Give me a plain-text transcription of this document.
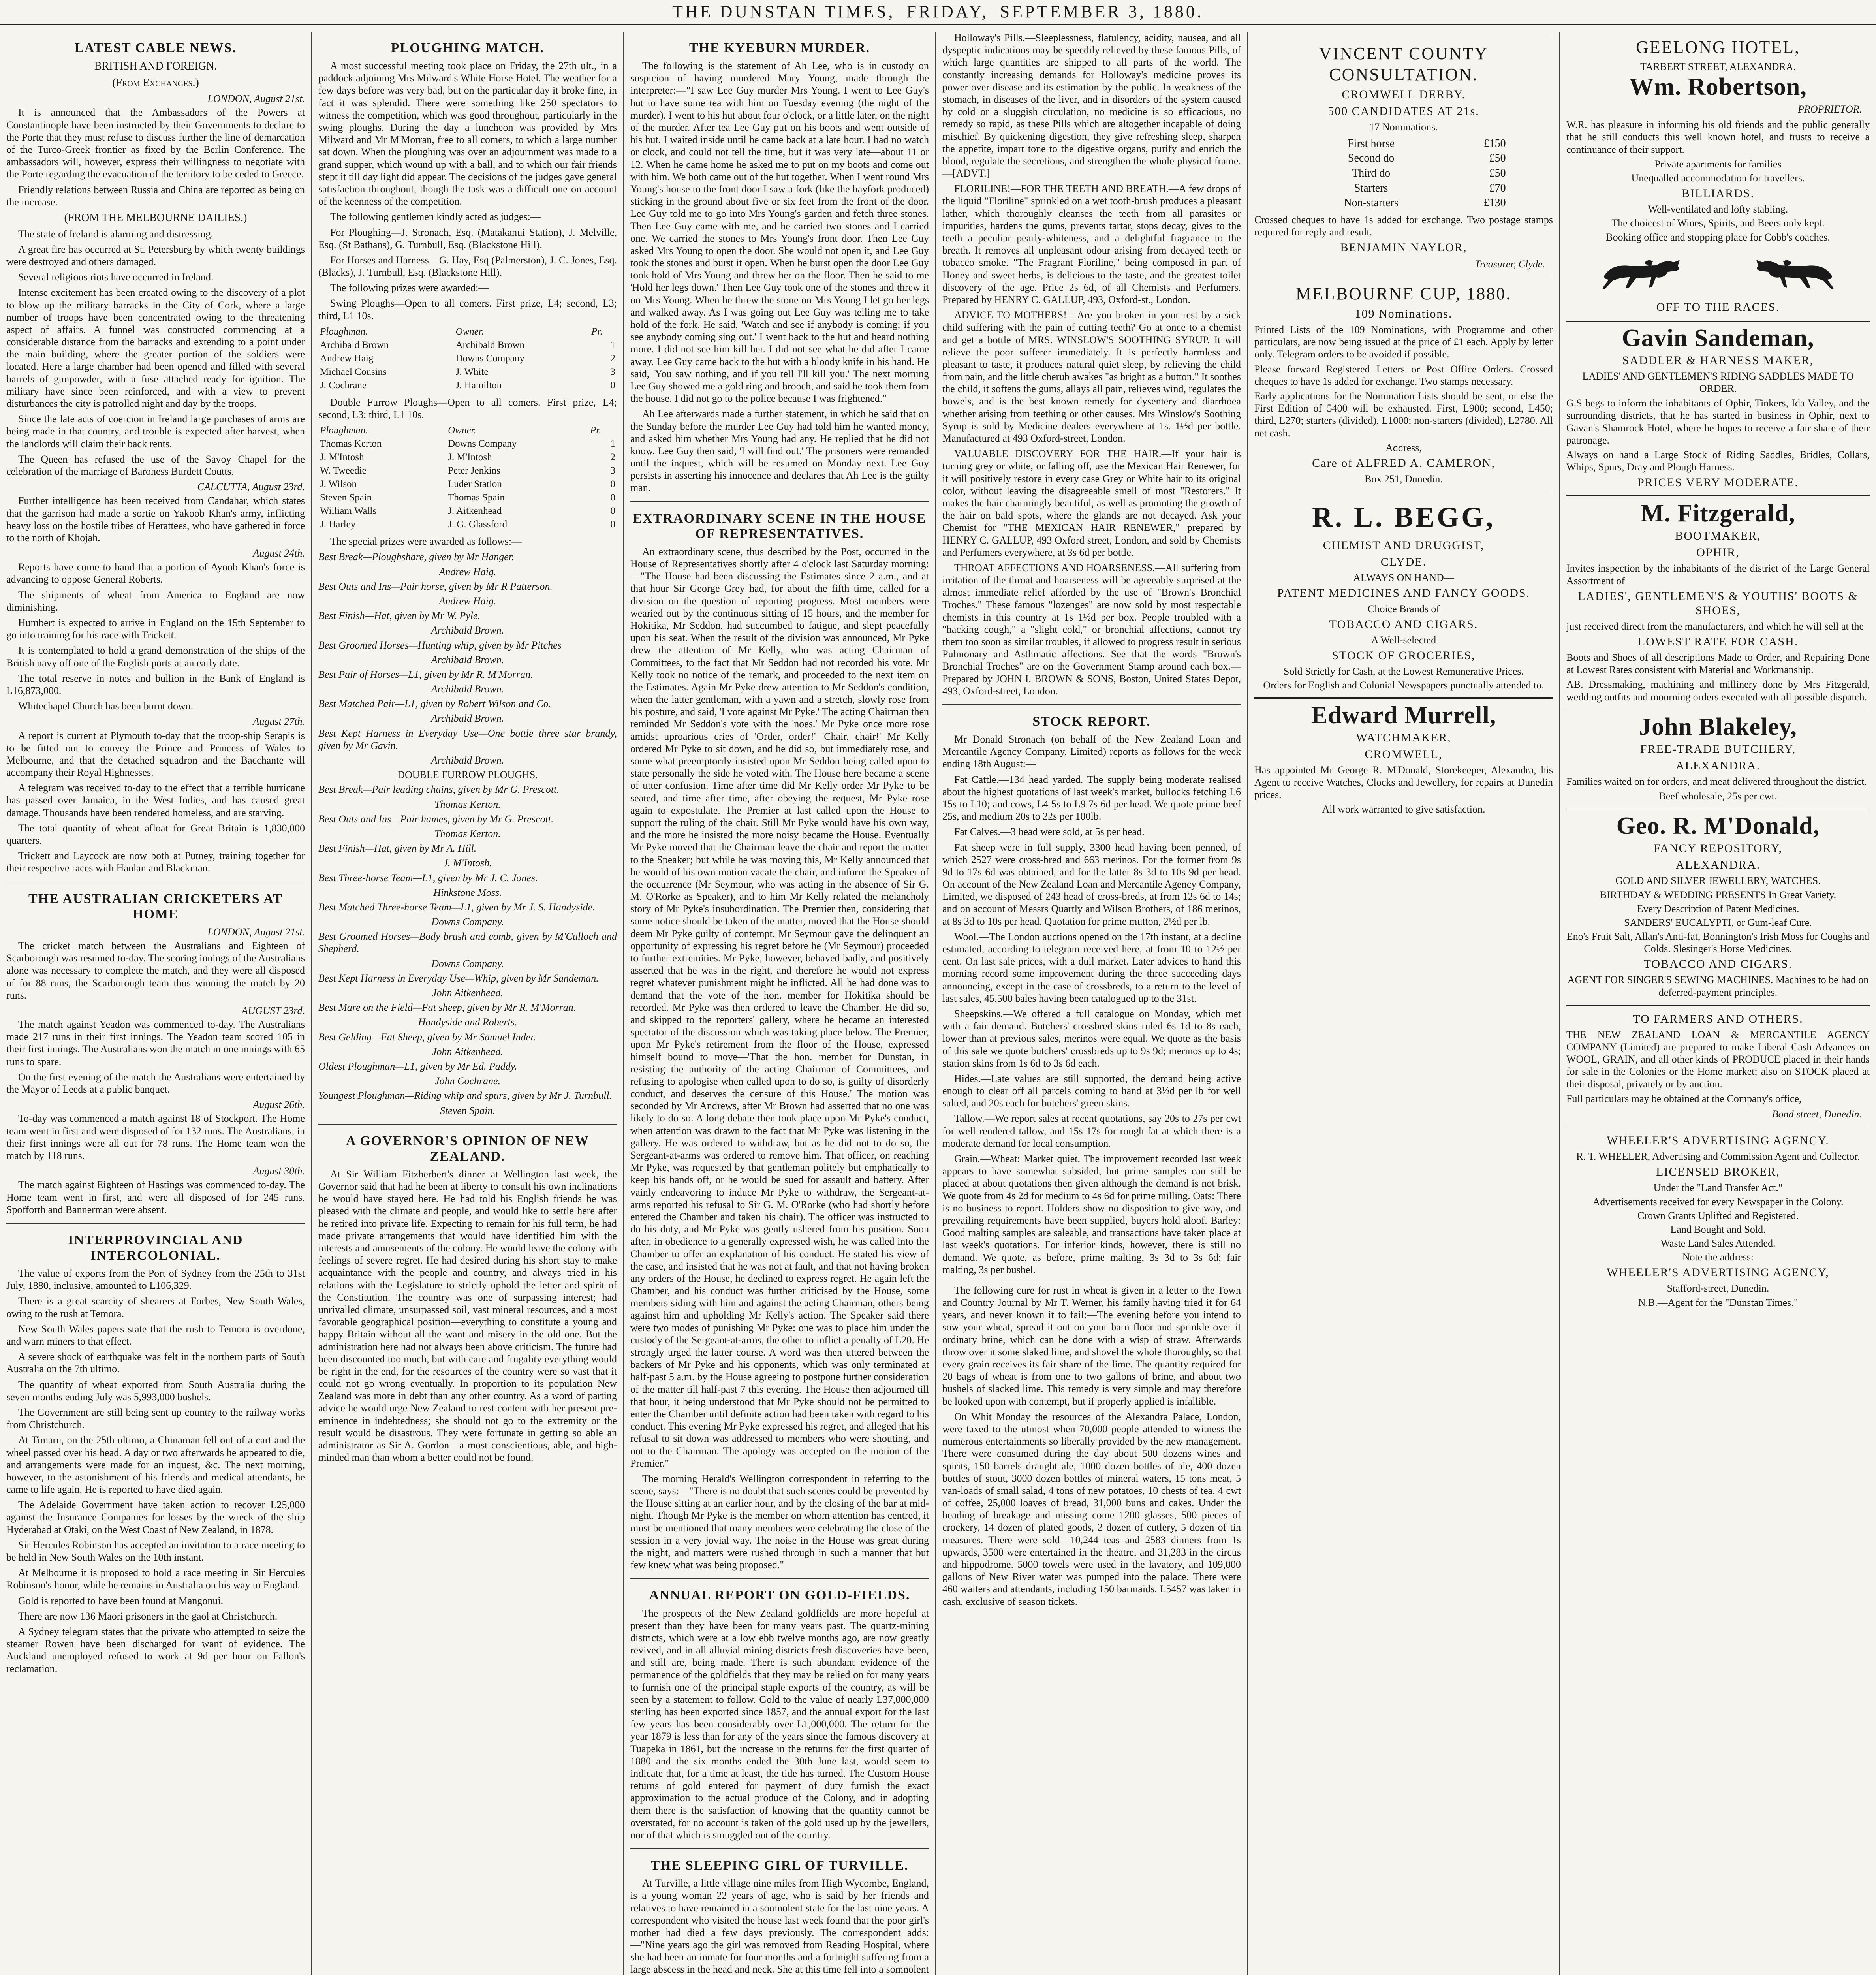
THE DUNSTAN TIMES, FRIDAY, SEPTEMBER 3, 1880.
LATEST CABLE NEWS.
BRITISH AND FOREIGN.
(From Exchanges.)
LONDON, August 21st.

It is announced that the Ambassadors of the Powers at Constantinople have been instructed by their Governments to declare to the Porte that they must refuse to discuss further the line of demarcation of the Turco-Greek frontier as fixed by the Berlin Conference. The ambassadors will, however, express their willingness to negotiate with the Porte regarding the evacuation of the territory to be ceded to Greece.

Friendly relations between Russia and China are reported as being on the increase.

(FROM THE MELBOURNE DAILIES.)

The state of Ireland is alarming and distressing.

A great fire has occurred at St. Petersburg by which twenty buildings were destroyed and others damaged.

Several religious riots have occurred in Ireland.

Intense excitement has been created owing to the discovery of a plot to blow up the military barracks in the City of Cork, where a large number of troops have been concentrated owing to the threatening aspect of affairs. A funnel was constructed commencing at a considerable distance from the barracks and extending to a point under the main building, where the greater portion of the soldiers were located. Here a large chamber had been opened and filled with several barrels of gunpowder, with a fuse attached ready for ignition. The military have since been reinforced, and with a view to prevent disturbances the city is patrolled night and day by the troops.

Since the late acts of coercion in Ireland large purchases of arms are being made in that country, and trouble is expected after harvest, when the landlords will claim their back rents.

The Queen has refused the use of the Savoy Chapel for the celebration of the marriage of Baroness Burdett Coutts.

CALCUTTA, August 23rd.

Further intelligence has been received from Candahar, which states that the garrison had made a sortie on Yakoob Khan's army, inflicting heavy loss on the hostile tribes of Herattees, who have gathered in force to the north of Khojah.

August 24th.

Reports have come to hand that a portion of Ayoob Khan's force is advancing to oppose General Roberts.

The shipments of wheat from America to England are now diminishing.

Humbert is expected to arrive in England on the 15th September to go into training for his race with Trickett.

It is contemplated to hold a grand demonstration of the ships of the British navy off one of the English ports at an early date.

The total reserve in notes and bullion in the Bank of England is L16,873,000.

Whitechapel Church has been burnt down.

August 27th.

A report is current at Plymouth to-day that the troop-ship Serapis is to be fitted out to convey the Prince and Princess of Wales to Melbourne, and that the detached squadron and the Bacchante will accompany their Royal Highnesses.

A telegram was received to-day to the effect that a terrible hurricane has passed over Jamaica, in the West Indies, and has caused great damage. Thousands have been rendered homeless, and are starving.

The total quantity of wheat afloat for Great Britain is 1,830,000 quarters.

Trickett and Laycock are now both at Putney, training together for their respective races with Hanlan and Blackman.

THE AUSTRALIAN CRICKETERS AT HOME
LONDON, August 21st.

The cricket match between the Australians and Eighteen of Scarborough was resumed to-day. The scoring innings of the Australians alone was necessary to complete the match, and they were all disposed of for 88 runs, the Scarborough team thus winning the match by 20 runs.

AUGUST 23rd.

The match against Yeadon was commenced to-day. The Australians made 217 runs in their first innings. The Yeadon team scored 105 in their first innings. The Australians won the match in one innings with 65 runs to spare.

On the first evening of the match the Australians were entertained by the Mayor of Leeds at a public banquet.

August 26th.

To-day was commenced a match against 18 of Stockport. The Home team went in first and were disposed of for 132 runs. The Australians, in their first innings were all out for 78 runs. The Home team won the match by 118 runs.

August 30th.

The match against Eighteen of Hastings was commenced to-day. The Home team went in first, and were all disposed of for 245 runs. Spofforth and Bannerman were absent.

INTERPROVINCIAL AND INTERCOLONIAL.

The value of exports from the Port of Sydney from the 25th to 31st July, 1880, inclusive, amounted to L106,329.

There is a great scarcity of shearers at Forbes, New South Wales, owing to the rush at Temora.

New South Wales papers state that the rush to Temora is overdone, and warn miners to that effect.

A severe shock of earthquake was felt in the northern parts of South Australia on the 7th ultimo.

The quantity of wheat exported from South Australia during the seven months ending July was 5,993,000 bushels.

The Government are still being sent up country to the railway works from Christchurch.

At Timaru, on the 25th ultimo, a Chinaman fell out of a cart and the wheel passed over his head. A day or two afterwards he appeared to die, and arrangements were made for an inquest, &c. The next morning, however, to the astonishment of his friends and medical attendants, he came to life again. He is reported to have died again.

The Adelaide Government have taken action to recover L25,000 against the Insurance Companies for losses by the wreck of the ship Hyderabad at Otaki, on the West Coast of New Zealand, in 1878.

Sir Hercules Robinson has accepted an invitation to a race meeting to be held in New South Wales on the 10th instant.

At Melbourne it is proposed to hold a race meeting in Sir Hercules Robinson's honor, while he remains in Australia on his way to England.

Gold is reported to have been found at Mangonui.

There are now 136 Maori prisoners in the gaol at Christchurch.

A Sydney telegram states that the private who attempted to seize the steamer Rowen have been discharged for want of evidence. The Auckland unemployed refused to work at 9d per hour on Fallon's reclamation.

PLOUGHING MATCH.

A most successful meeting took place on Friday, the 27th ult., in a paddock adjoining Mrs Milward's White Horse Hotel. The weather for a few days before was very bad, but on the particular day it broke fine, in fact it was splendid. There were something like 250 spectators to witness the competition, which was good throughout, particularly in the swing ploughs. During the day a luncheon was provided by Mrs Milward and Mr M'Morran, free to all comers, to which a large number sat down. When the ploughing was over an adjournment was made to a grand supper, which wound up with a ball, and to which our fair friends stept it till day light did appear. The decisions of the judges gave general satisfaction throughout, though the task was a difficult one on account of the keenness of the competition.

The following gentlemen kindly acted as judges:—

For Ploughing—J. Stronach, Esq. (Matakanui Station), J. Melville, Esq. (St Bathans), G. Turnbull, Esq. (Blackstone Hill).

For Horses and Harness—G. Hay, Esq (Palmerston), J. C. Jones, Esq. (Blacks), J. Turnbull, Esq. (Blackstone Hill).

The following prizes were awarded:—

Swing Ploughs—Open to all comers. First prize, L4; second, L3; third, L1 10s.

Ploughman.	Owner.	Pr.
Archibald Brown	Archibald Brown	1
Andrew Haig	Downs Company	2
Michael Cousins	J. White	3
J. Cochrane	J. Hamilton	0

Double Furrow Ploughs—Open to all comers. First prize, L4; second, L3; third, L1 10s.

Ploughman.	Owner.	Pr.
Thomas Kerton	Downs Company	1
J. M'Intosh	J. M'Intosh	2
W. Tweedie	Peter Jenkins	3
J. Wilson	Luder Station	0
Steven Spain	Thomas Spain	0
William Walls	J. Aitkenhead	0
J. Harley	J. G. Glassford	0

The special prizes were awarded as follows:—

Best Break—Ploughshare, given by Mr Hanger.

Andrew Haig.

Best Outs and Ins—Pair horse, given by Mr R Patterson.

Andrew Haig.

Best Finish—Hat, given by Mr W. Pyle.

Archibald Brown.

Best Groomed Horses—Hunting whip, given by Mr Pitches

Archibald Brown.

Best Pair of Horses—L1, given by Mr R. M'Morran.

Archibald Brown.

Best Matched Pair—L1, given by Robert Wilson and Co.

Archibald Brown.

Best Kept Harness in Everyday Use—One bottle three star brandy, given by Mr Gavin.

Archibald Brown.

DOUBLE FURROW PLOUGHS.

Best Break—Pair leading chains, given by Mr G. Prescott.

Thomas Kerton.

Best Outs and Ins—Pair hames, given by Mr G. Prescott.

Thomas Kerton.

Best Finish—Hat, given by Mr A. Hill.

J. M'Intosh.

Best Three-horse Team—L1, given by Mr J. C. Jones.

Hinkstone Moss.

Best Matched Three-horse Team—L1, given by Mr J. S. Handyside.

Downs Company.

Best Groomed Horses—Body brush and comb, given by M'Culloch and Shepherd.

Downs Company.

Best Kept Harness in Everyday Use—Whip, given by Mr Sandeman.

John Aitkenhead.

Best Mare on the Field—Fat sheep, given by Mr R. M'Morran.

Handyside and Roberts.

Best Gelding—Fat Sheep, given by Mr Samuel Inder.

John Aitkenhead.

Oldest Ploughman—L1, given by Mr Ed. Paddy.

John Cochrane.

Youngest Ploughman—Riding whip and spurs, given by Mr J. Turnbull.

Steven Spain.

A GOVERNOR'S OPINION OF NEW ZEALAND.

At Sir William Fitzherbert's dinner at Wellington last week, the Governor said that had he been at liberty to consult his own inclinations he would have stayed here. He had told his English friends he was pleased with the climate and people, and would like to settle here after he retired into private life. Expecting to remain for his full term, he had made private arrangements that would have identified him with the interests and amusements of the colony. He would leave the colony with feelings of severe regret. He had desired during his short stay to make acquaintance with the people and country, and always tried in his relations with the Legislature to strictly uphold the letter and spirit of the Constitution. The country was one of surpassing interest; had unrivalled climate, unsurpassed soil, vast mineral resources, and a most favorable geographical position—everything to constitute a young and happy Britain without all the want and misery in the old one. But the administration here had not always been above criticism. The future had been discounted too much, but with care and frugality everything would be right in the end, for the resources of the country were so vast that it could not go wrong eventually. In proportion to its population New Zealand was more in debt than any other country. As a word of parting advice he would urge New Zealand to rest content with her present pre-eminence in indebtedness; she should not go to the extremity or the result would be disastrous. They were fortunate in getting so able an administrator as Sir A. Gordon—a most conscientious, able, and high-minded man than whom a better could not be found.

THE KYEBURN MURDER.

The following is the statement of Ah Lee, who is in custody on suspicion of having murdered Mary Young, made through the interpreter:—"I saw Lee Guy murder Mrs Young. I went to Lee Guy's hut to have some tea with him on Tuesday evening (the night of the murder). I went to his hut about four o'clock, or a little later, on the night of the murder. After tea Lee Guy put on his boots and went outside of his hut. I waited inside until he came back at a late hour. I had no watch or clock, and could not tell the time, but it was very late—about 11 or 12. When he came home he asked me to put on my boots and come out with him. We both came out of the hut together. When I went round Mrs Young's house to the front door I saw a fork (like the hayfork produced) sticking in the ground about five or six feet from the front of the door. Lee Guy told me to go into Mrs Young's garden and fetch three stones. Then Lee Guy came with me, and he carried two stones and I carried one. We carried the stones to Mrs Young's front door. Then Lee Guy asked Mrs Young to open the door. She would not open it, and Lee Guy took the stones and burst it open. When he burst open the door Lee Guy took hold of Mrs Young and threw her on the floor. Then he said to me 'Hold her legs down.' Then Lee Guy took one of the stones and threw it on Mrs Young. When he threw the stone on Mrs Young I let go her legs and walked away. As I was going out Lee Guy was telling me to take hold of the fork. He said, 'Watch and see if anybody is coming; if you see anybody coming sing out.' I went back to the hut and heard nothing more. I did not see him kill her. I did not see what he did after I came away. Lee Guy came back to the hut with a bloody knife in his hand. He said, 'You saw nothing, and if you tell I'll kill you.' The next morning Lee Guy showed me a gold ring and brooch, and said he took them from the house. I did not go to the police because I was frightened."

Ah Lee afterwards made a further statement, in which he said that on the Sunday before the murder Lee Guy had told him he wanted money, and asked him whether Mrs Young had any. He replied that he did not know. Lee Guy then said, 'I will find out.' The prisoners were remanded until the inquest, which will be resumed on Monday next. Lee Guy persists in asserting his innocence and declares that Ah Lee is the guilty man.

EXTRAORDINARY SCENE IN THE HOUSE OF REPRESENTATIVES.

An extraordinary scene, thus described by the Post, occurred in the House of Representatives shortly after 4 o'clock last Saturday morning:—"The House had been discussing the Estimates since 2 a.m., and at that hour Sir George Grey had, for about the fifth time, called for a division on the question of reporting progress. Most members were wearied out by the continuous sitting of 15 hours, and the member for Hokitika, Mr Seddon, had succumbed to fatigue, and slept peacefully upon his seat. When the result of the division was announced, Mr Pyke drew the attention of Mr Kelly, who was acting Chairman of Committees, to the fact that Mr Seddon had not recorded his vote. Mr Kelly took no notice of the remark, and proceeded to the next item on the Estimates. Again Mr Pyke drew attention to Mr Seddon's condition, when the latter gentleman, with a yawn and a stretch, slowly rose from his posture, and said, 'I vote against Mr Pyke.' The acting Chairman then reminded Mr Seddon's vote with the 'noes.' Mr Pyke once more rose amidst uproarious cries of 'Order, order!' 'Chair, chair!' Mr Kelly ordered Mr Pyke to sit down, and he did so, but immediately rose, and some what preemptorily insisted upon Mr Seddon being called upon to state personally the side he voted with. The House here became a scene of utter confusion. Time after time did Mr Kelly order Mr Pyke to be seated, and time after time, after obeying the request, Mr Pyke rose again to expostulate. The Premier at last called upon the House to support the ruling of the chair. Still Mr Pyke would have his own way, and the more he insisted the more noisy became the House. Eventually Mr Pyke moved that the Chairman leave the chair and report the matter to the Speaker; but while he was moving this, Mr Kelly announced that he would of his own motion vacate the chair, and inform the Speaker of the occurrence (Mr Seymour, who was acting in the absence of Sir G. M. O'Rorke as Speaker), and to him Mr Kelly related the melancholy story of Mr Pyke's insubordination. The Premier then, considering that some notice should be taken of the matter, moved that the House should deem Mr Pyke guilty of contempt. Mr Seymour gave the delinquent an opportunity of expressing his regret before he (Mr Seymour) proceeded to further extremities. Mr Pyke, however, behaved badly, and positively asserted that he was in the right, and therefore he would not express regret whatever punishment might be inflicted. All he had done was to demand that the vote of the hon. member for Hokitika should be recorded. Mr Pyke was then ordered to leave the Chamber. He did so, and skipped to the reporters' gallery, where he became an interested spectator of the discussion which was taking place below. The Premier, upon Mr Pyke's retirement from the floor of the House, expressed himself bound to move—'That the hon. member for Dunstan, in resisting the authority of the acting Chairman of Committees, and refusing to apologise when called upon to do so, is guilty of disorderly conduct, and deserves the censure of this House.' The motion was seconded by Mr Andrews, after Mr Brown had asserted that no one was likely to do so. A long debate then took place upon Mr Pyke's conduct, when attention was drawn to the fact that Mr Pyke was listening in the gallery. He was ordered to withdraw, but as he did not to do so, the Sergeant-at-arms was ordered to remove him. That officer, on reaching Mr Pyke, was requested by that gentleman politely but emphatically to keep his hands off, or he would be sued for assault and battery. After vainly endeavoring to induce Mr Pyke to withdraw, the Sergeant-at-arms reported his refusal to Sir G. M. O'Rorke (who had shortly before entered the Chamber and taken his chair). The officer was instructed to do his duty, and Mr Pyke was gently ushered from his position. Soon after, in obedience to a generally expressed wish, he was called into the Chamber to offer an explanation of his conduct. He stated his view of the case, and insisted that he was not at fault, and that not having broken any orders of the House, he declined to express regret. He again left the Chamber, and his conduct was further criticised by the House, some members siding with him and against the acting Chairman, others being against him and upholding Mr Kelly's action. The Speaker said there were two modes of punishing Mr Pyke: one was to place him under the custody of the Sergeant-at-arms, the other to inflict a penalty of L20. He strongly urged the latter course. A word was then uttered between the backers of Mr Pyke and his opponents, which was only terminated at half-past 5 a.m. by the House agreeing to postpone further consideration of the matter till half-past 7 this evening. The House then adjourned till that hour, it being understood that Mr Pyke should not be permitted to enter the Chamber until definite action had been taken with regard to his conduct. This evening Mr Pyke expressed his regret, and alleged that his refusal to sit down was addressed to members who were shouting, and not to the Chairman. The apology was accepted on the motion of the Premier."

The morning Herald's Wellington correspondent in referring to the scene, says:—"There is no doubt that such scenes could be prevented by the House sitting at an earlier hour, and by the closing of the bar at mid-night. Though Mr Pyke is the member on whom attention has centred, it must be mentioned that many members were celebrating the close of the session in a very jovial way. The noise in the House was great during the night, and matters were rushed through in such a manner that but few knew what was being proposed."

ANNUAL REPORT ON GOLD-FIELDS.

The prospects of the New Zealand goldfields are more hopeful at present than they have been for many years past. The quartz-mining districts, which were at a low ebb twelve months ago, are now greatly revived, and in all alluvial mining districts fresh discoveries have been, and still are, being made. There is such abundant evidence of the permanence of the goldfields that they may be relied on for many years to furnish one of the principal staple exports of the country, as will be seen by a statement to follow. Gold to the value of nearly L37,000,000 sterling has been exported since 1857, and the annual export for the last few years has been considerably over L1,000,000. The return for the year 1879 is less than for any of the years since the famous discovery at Tuapeka in 1861, but the increase in the returns for the first quarter of 1880 and the six months ended the 30th June last, would seem to indicate that, for a time at least, the tide has turned. The Custom House returns of gold entered for payment of duty furnish the exact approximation to the actual produce of the Colony, and in adopting them there is the satisfaction of knowing that the quantity cannot be overstated, for no account is taken of the gold used up by the jewellers, nor of that which is smuggled out of the country.

THE SLEEPING GIRL OF TURVILLE.

At Turville, a little village nine miles from High Wycombe, England, is a young woman 22 years of age, who is said by her friends and relatives to have remained in a somnolent state for the last nine years. A correspondent who visited the house last week found that the poor girl's mother had died a few days previously. The correspondent adds:—"Nine years ago the girl was removed from Reading Hospital, where she had been an inmate for four months and a fortnight suffering from a large abscess in the head and neck. She at this time fell into a somnolent

Holloway's Pills.—Sleeplessness, flatulency, acidity, nausea, and all dyspeptic indications may be speedily relieved by these famous Pills, of which large quantities are shipped to all parts of the world. The constantly increasing demands for Holloway's medicine proves its power over disease and its estimation by the public. In weakness of the stomach, in diseases of the liver, and in disorders of the system caused by cold or a sluggish circulation, no medicine is so efficacious, no remedy so rapid, as these Pills which are altogether incapable of doing mischief. By quickening digestion, they give refreshing sleep, sharpen the appetite, impart tone to the digestive organs, purify and enrich the blood, regulate the secretions, and strengthen the whole physical frame.—[ADVT.]

FLORILINE!—FOR THE TEETH AND BREATH.—A few drops of the liquid "Floriline" sprinkled on a wet tooth-brush produces a pleasant lather, which thoroughly cleanses the teeth from all parasites or impurities, hardens the gums, prevents tartar, stops decay, gives to the teeth a peculiar pearly-whiteness, and a delightful fragrance to the breath. It removes all unpleasant odour arising from decayed teeth or tobacco smoke. "The Fragrant Floriline," being composed in part of Honey and sweet herbs, is delicious to the taste, and the greatest toilet discovery of the age. Price 2s 6d, of all Chemists and Perfumers. Prepared by HENRY C. GALLUP, 493, Oxford-st., London.

ADVICE TO MOTHERS!—Are you broken in your rest by a sick child suffering with the pain of cutting teeth? Go at once to a chemist and get a bottle of MRS. WINSLOW'S SOOTHING SYRUP. It will relieve the poor sufferer immediately. It is perfectly harmless and pleasant to taste, it produces natural quiet sleep, by relieving the child from pain, and the little cherub awakes "as bright as a button." It soothes the child, it softens the gums, allays all pain, relieves wind, regulates the bowels, and is the best known remedy for dysentery and diarrhoea whether arising from teething or other causes. Mrs Winslow's Soothing Syrup is sold by Medicine dealers everywhere at 1s. 1½d per bottle. Manufactured at 493 Oxford-street, London.

VALUABLE DISCOVERY FOR THE HAIR.—If your hair is turning grey or white, or falling off, use the Mexican Hair Renewer, for it will positively restore in every case Grey or White hair to its original color, without leaving the disagreeable smell of most "Restorers." It makes the hair charmingly beautiful, as well as promoting the growth of the hair on bald spots, where the glands are not decayed. Ask your Chemist for "THE MEXICAN HAIR RENEWER," prepared by HENRY C. GALLUP, 493 Oxford street, London, and sold by Chemists and Perfumers everywhere, at 3s 6d per bottle.

THROAT AFFECTIONS AND HOARSENESS.—All suffering from irritation of the throat and hoarseness will be agreeably surprised at the almost immediate relief afforded by the use of "Brown's Bronchial Troches." These famous "lozenges" are now sold by most respectable chemists in this country at 1s 1½d per box. People troubled with a "hacking cough," a "slight cold," or bronchial affections, cannot try them too soon as similar troubles, if allowed to progress result in serious Pulmonary and Asthmatic affections. See that the words "Brown's Bronchial Troches" are on the Government Stamp around each box.—Prepared by JOHN I. BROWN & SONS, Boston, United States Depot, 493, Oxford-street, London.

STOCK REPORT.

Mr Donald Stronach (on behalf of the New Zealand Loan and Mercantile Agency Company, Limited) reports as follows for the week ending 18th August:—

Fat Cattle.—134 head yarded. The supply being moderate realised about the highest quotations of last week's market, bullocks fetching L6 15s to L10; and cows, L4 5s to L9 7s 6d per head. We quote prime beef 25s, and medium 20s to 22s per 100lb.

Fat Calves.—3 head were sold, at 5s per head.

Fat sheep were in full supply, 3300 head having been penned, of which 2527 were cross-bred and 663 merinos. For the former from 9s 9d to 17s 6d was obtained, and for the latter 8s 3d to 10s 9d per head. On account of the New Zealand Loan and Mercantile Agency Company, Limited, we disposed of 243 head of cross-breds, at from 12s 6d to 14s; and on account of Messrs Quartly and Wilson Brothers, of 186 merinos, at 8s 3d to 10s per head. Quotation for prime mutton, 2½d per lb.

Wool.—The London auctions opened on the 17th instant, at a decline estimated, according to telegram received here, at from 10 to 12½ per cent. On last sale prices, with a dull market. Later advices to hand this morning record some improvement during the three succeeding days announcing, except in the case of crossbreds, to a return to the level of last sales, 45,500 bales having been catalogued up to the 31st.

Sheepskins.—We offered a full catalogue on Monday, which met with a fair demand. Butchers' crossbred skins ruled 6s 1d to 8s each, lower than at previous sales, merinos were equal. We quote as the basis of this sale we quote butchers' crossbreds up to 9s 9d; merinos up to 4s; station skins from 1s 6d to 3s 6d each.

Hides.—Late values are still supported, the demand being active enough to clear off all parcels coming to hand at 3½d per lb for well salted, and 20s each for butchers' green skins.

Tallow.—We report sales at recent quotations, say 20s to 27s per cwt for well rendered tallow, and 15s 17s for rough fat at which there is a moderate demand for local consumption.

Grain.—Wheat: Market quiet. The improvement recorded last week appears to have somewhat subsided, but prime samples can still be placed at about quotations then given although the demand is not brisk. We quote from 4s 2d for medium to 4s 6d for prime milling. Oats: There is no business to report. Holders show no disposition to give way, and prevailing requirements have been supplied, buyers hold aloof. Barley: Good malting samples are saleable, and transactions have taken place at last week's quotations. For inferior kinds, however, there is still no demand. We quote, as before, prime malting, 3s 3d to 3s 6d; fair malting, 3s per bushel.

The following cure for rust in wheat is given in a letter to the Town and Country Journal by Mr T. Werner, his family having tried it for 64 years, and never known it to fail:—The evening before you intend to sow your wheat, spread it out on your barn floor and sprinkle over it ordinary brine, which can be done with a wisp of straw. Afterwards throw over it some slaked lime, and shovel the whole thoroughly, so that every grain receives its fair share of the lime. The quantity required for 20 bags of wheat is from one to two gallons of brine, and about two bushels of slacked lime. This remedy is very simple and may therefore be looked upon with contempt, but if properly applied is infallible.

On Whit Monday the resources of the Alexandra Palace, London, were taxed to the utmost when 70,000 people attended to witness the numerous entertainments so liberally provided by the new management. There were consumed during the day about 500 dozens wines and spirits, 150 barrels draught ale, 1000 dozen bottles of ale, 400 dozen bottles of stout, 3000 dozen bottles of mineral waters, 15 tons meat, 5 van-loads of small salad, 4 tons of new potatoes, 10 chests of tea, 4 cwt of coffee, 25,000 loaves of bread, 31,000 buns and cakes. Under the heading of breakage and missing come 1200 glasses, 500 pieces of crockery, 14 dozen of plated goods, 2 dozen of cutlery, 5 dozen of tin measures. There were sold—10,244 teas and 2583 dinners from 1s upwards, 3500 were entertained in the theatre, and 31,283 in the circus and hippodrome. 5000 towels were used in the lavatory, and 109,000 gallons of New River water was pumped into the palace. There were 460 waiters and attendants, including 150 barmaids. L5457 was taken in cash, exclusive of season tickets.

VINCENT COUNTY CONSULTATION.
CROMWELL DERBY.
500 CANDIDATES AT 21s.
17 Nominations.
First horse	£150
Second do	£50
Third do	£50
Starters	£70
Non-starters	£130
Crossed cheques to have 1s added for exchange. Two postage stamps required for reply and result.
BENJAMIN NAYLOR,
Treasurer, Clyde.
MELBOURNE CUP, 1880.
109 Nominations.
Printed Lists of the 109 Nominations, with Programme and other particulars, are now being issued at the price of £1 each. Apply by letter only. Telegram orders to be avoided if possible.
Please forward Registered Letters or Post Office Orders. Crossed cheques to have 1s added for exchange. Two stamps necessary.
Early applications for the Nomination Lists should be sent, or else the First Edition of 5400 will be exhausted. First, L900; second, L450; third, L270; starters (divided), L1000; non-starters (divided), L2780. All net cash.
Address,
Care of ALFRED A. CAMERON,
Box 251, Dunedin.
R. L. BEGG,
CHEMIST AND DRUGGIST,
CLYDE.
ALWAYS ON HAND—
PATENT MEDICINES AND FANCY GOODS.
Choice Brands of
TOBACCO AND CIGARS.
A Well-selected
STOCK OF GROCERIES,
Sold Strictly for Cash, at the Lowest Remunerative Prices.
Orders for English and Colonial Newspapers punctually attended to.
Edward Murrell,
WATCHMAKER,
CROMWELL,
Has appointed Mr George R. M'Donald, Storekeeper, Alexandra, his Agent to receive Watches, Clocks and Jewellery, for repairs at Dunedin prices.
All work warranted to give satisfaction.
GEELONG HOTEL,
TARBERT STREET, ALEXANDRA.
Wm. Robertson,
PROPRIETOR.
W.R. has pleasure in informing his old friends and the public generally that he still conducts this well known hotel, and trusts to receive a continuance of their support.
Private apartments for families
Unequalled accommodation for travellers.
BILLIARDS.
Well-ventilated and lofty stabling.
The choicest of Wines, Spirits, and Beers only kept.
Booking office and stopping place for Cobb's coaches.
OFF TO THE RACES.
Gavin Sandeman,
SADDLER & HARNESS MAKER,
LADIES' AND GENTLEMEN'S RIDING SADDLES MADE TO ORDER.
G.S begs to inform the inhabitants of Ophir, Tinkers, Ida Valley, and the surrounding districts, that he has started in business in Ophir, next to Gavan's Shamrock Hotel, where he hopes to receive a fair share of their patronage.
Always on hand a Large Stock of Riding Saddles, Bridles, Collars, Whips, Spurs, Dray and Plough Harness.
PRICES VERY MODERATE.
M. Fitzgerald,
BOOTMAKER,
OPHIR,
Invites inspection by the inhabitants of the district of the Large General Assortment of
LADIES', GENTLEMEN'S & YOUTHS' BOOTS & SHOES,
just received direct from the manufacturers, and which he will sell at the
LOWEST RATE FOR CASH.
Boots and Shoes of all descriptions Made to Order, and Repairing Done at Lowest Rates consistent with Material and Workmanship.
AB. Dressmaking, machining and millinery done by Mrs Fitzgerald, wedding outfits and mourning orders executed with all possible dispatch.
John Blakeley,
FREE-TRADE BUTCHERY,
ALEXANDRA.
Families waited on for orders, and meat delivered throughout the district.
Beef wholesale, 25s per cwt.
Geo. R. M'Donald,
FANCY REPOSITORY,
ALEXANDRA.
GOLD AND SILVER JEWELLERY, WATCHES.
BIRTHDAY & WEDDING PRESENTS In Great Variety.
Every Description of Patent Medicines.
SANDERS' EUCALYPTI, or Gum-leaf Cure.
Eno's Fruit Salt, Allan's Anti-fat, Bonnington's Irish Moss for Coughs and Colds. Slesinger's Horse Medicines.
TOBACCO AND CIGARS.
AGENT FOR SINGER'S SEWING MACHINES. Machines to be had on deferred-payment principles.
TO FARMERS AND OTHERS.
THE NEW ZEALAND LOAN & MERCANTILE AGENCY COMPANY (Limited) are prepared to make Liberal Cash Advances on WOOL, GRAIN, and all other kinds of PRODUCE placed in their hands for sale in the Colonies or the Home market; also on STOCK placed at their disposal, privately or by auction.
Full particulars may be obtained at the Company's office,
Bond street, Dunedin.
WHEELER'S ADVERTISING AGENCY.
R. T. WHEELER, Advertising and Commission Agent and Collector.
LICENSED BROKER,
Under the "Land Transfer Act."
Advertisements received for every Newspaper in the Colony.
Crown Grants Uplifted and Registered.
Land Bought and Sold.
Waste Land Sales Attended.
Note the address:
WHEELER'S ADVERTISING AGENCY,
Stafford-street, Dunedin.
N.B.—Agent for the "Dunstan Times."
